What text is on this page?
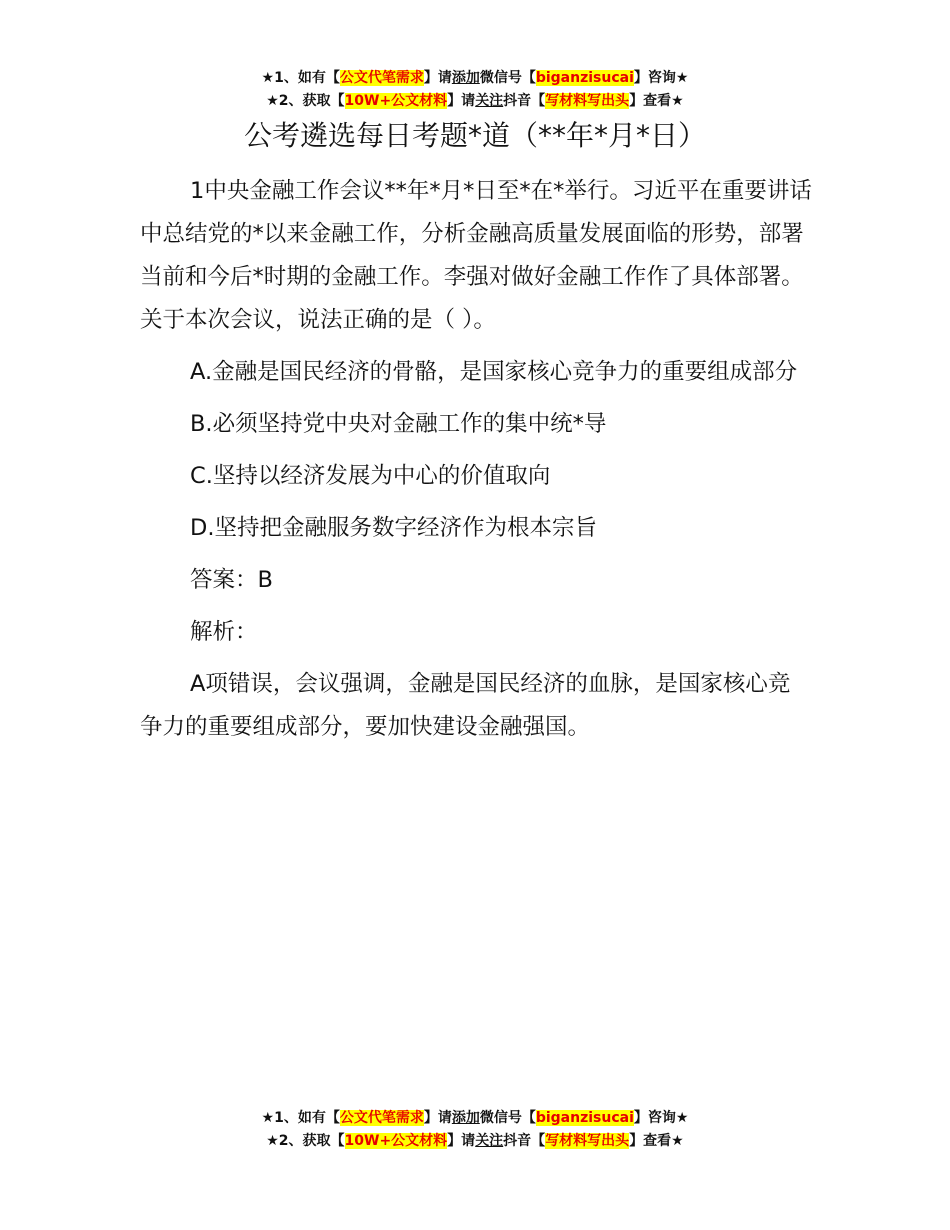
★1、如有【公文代笔需求】请添加微信号【biganzisucai】咨询★
★2、获取【10W+公文材料】请关注抖音【写材料写出头】查看★
公考遴选每日考题*道（**年*月*日）

1中央金融工作会议**年*月*日至*在*举行。习近平在重要讲话中总结党的*以来金融工作，分析金融高质量发展面临的形势，部署当前和今后*时期的金融工作。李强对做好金融工作作了具体部署。关于本次会议，说法正确的是（ ）。

A.金融是国民经济的骨骼，是国家核心竞争力的重要组成部分

B.必须坚持党中央对金融工作的集中统*导

C.坚持以经济发展为中心的价值取向

D.坚持把金融服务数字经济作为根本宗旨

答案：B

解析：

A项错误，会议强调，金融是国民经济的血脉，是国家核心竞争力的重要组成部分，要加快建设金融强国。

★1、如有【公文代笔需求】请添加微信号【biganzisucai】咨询★
★2、获取【10W+公文材料】请关注抖音【写材料写出头】查看★
